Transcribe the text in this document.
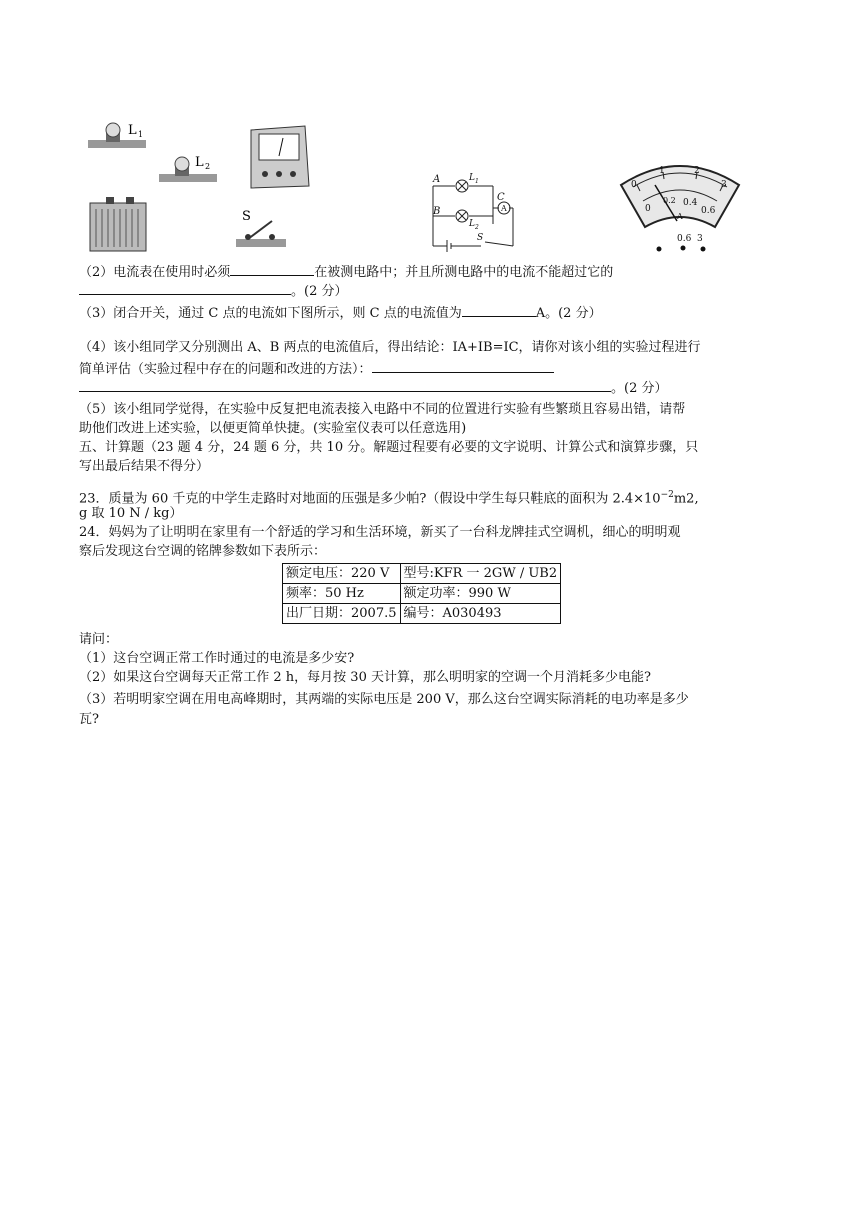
L 1
L 2
S
A
B
C
L 1
L 2
A
S
0
1	2
3
0
0.2 0.4
0.6
A
0.6 3
（2）电流表在使用时必须	在被测电路中；并且所测电路中的电流不能超过它的
。(2 分）
（3）闭合开关，通过 C 点的电流如下图所示，则 C 点的电流值为	A。(2 分）
（4）该小组同学又分别测出 A、B 两点的电流值后，得出结论：IA+IB=IC，请你对该小组的实验过程进行
简单评估（实验过程中存在的问题和改进的方法）：
。(2 分）
（5）该小组同学觉得，在实验中反复把电流表接入电路中不同的位置进行实验有些繁琐且容易出错，请帮
助他们改进上述实验，以便更简单快捷。(实验室仪表可以任意选用)
五、计算题（23 题 4 分，24 题 6 分，共 10 分。解题过程要有必要的文字说明、计算公式和演算步骤，只
写出最后结果不得分）
23．质量为 60 千克的中学生走路时对地面的压强是多少帕?（假设中学生每只鞋底的面积为 $2.4\times 10^{-2}m2$,
g 取 10 N / kg）
24．妈妈为了让明明在家里有一个舒适的学习和生活环境，新买了一台科龙牌挂式空调机，细心的明明观
察后发现这台空调的铭牌参数如下表所示：
额定电压：220 V	型号:KFR 一 2GW / UB2
频率：50 Hz	额定功率：990 W
出厂日期：2007.5	编号：A030493
请问：
（1）这台空调正常工作时通过的电流是多少安?
（2）如果这台空调每天正常工作 2 h，每月按 30 天计算，那么明明家的空调一个月消耗多少电能?
（3）若明明家空调在用电高峰期时，其两端的实际电压是 200 V，那么这台空调实际消耗的电功率是多少
瓦?
